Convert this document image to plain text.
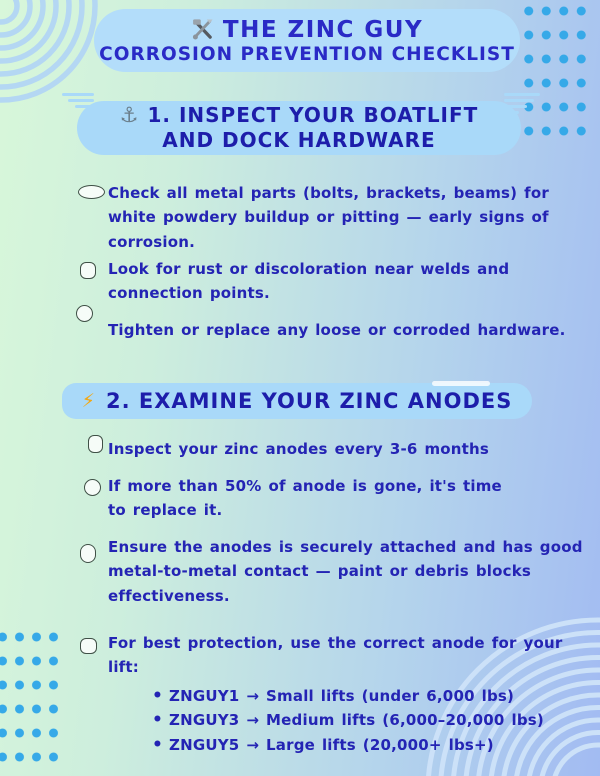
THE ZINC GUY
CORROSION PREVENTION CHECKLIST
⚓ 1. INSPECT YOUR BOATLIFT
AND DOCK HARDWARE
Check all metal parts (bolts, brackets, beams) for white powdery buildup or pitting — early signs of corrosion.
Look for rust or discoloration near welds and connection points.
Tighten or replace any loose or corroded hardware.
⚡ 2. EXAMINE YOUR ZINC ANODES
Inspect your zinc anodes every 3-6 months
If more than 50% of anode is gone, it's time to replace it.
Ensure the anodes is securely attached and has good metal-to-metal contact — paint or debris blocks effectiveness.
For best protection, use the correct anode for your lift:
• ZNGUY1 → Small lifts (under 6,000 lbs)
• ZNGUY3 → Medium lifts (6,000–20,000 lbs)
• ZNGUY5 → Large lifts (20,000+ lbs+)
